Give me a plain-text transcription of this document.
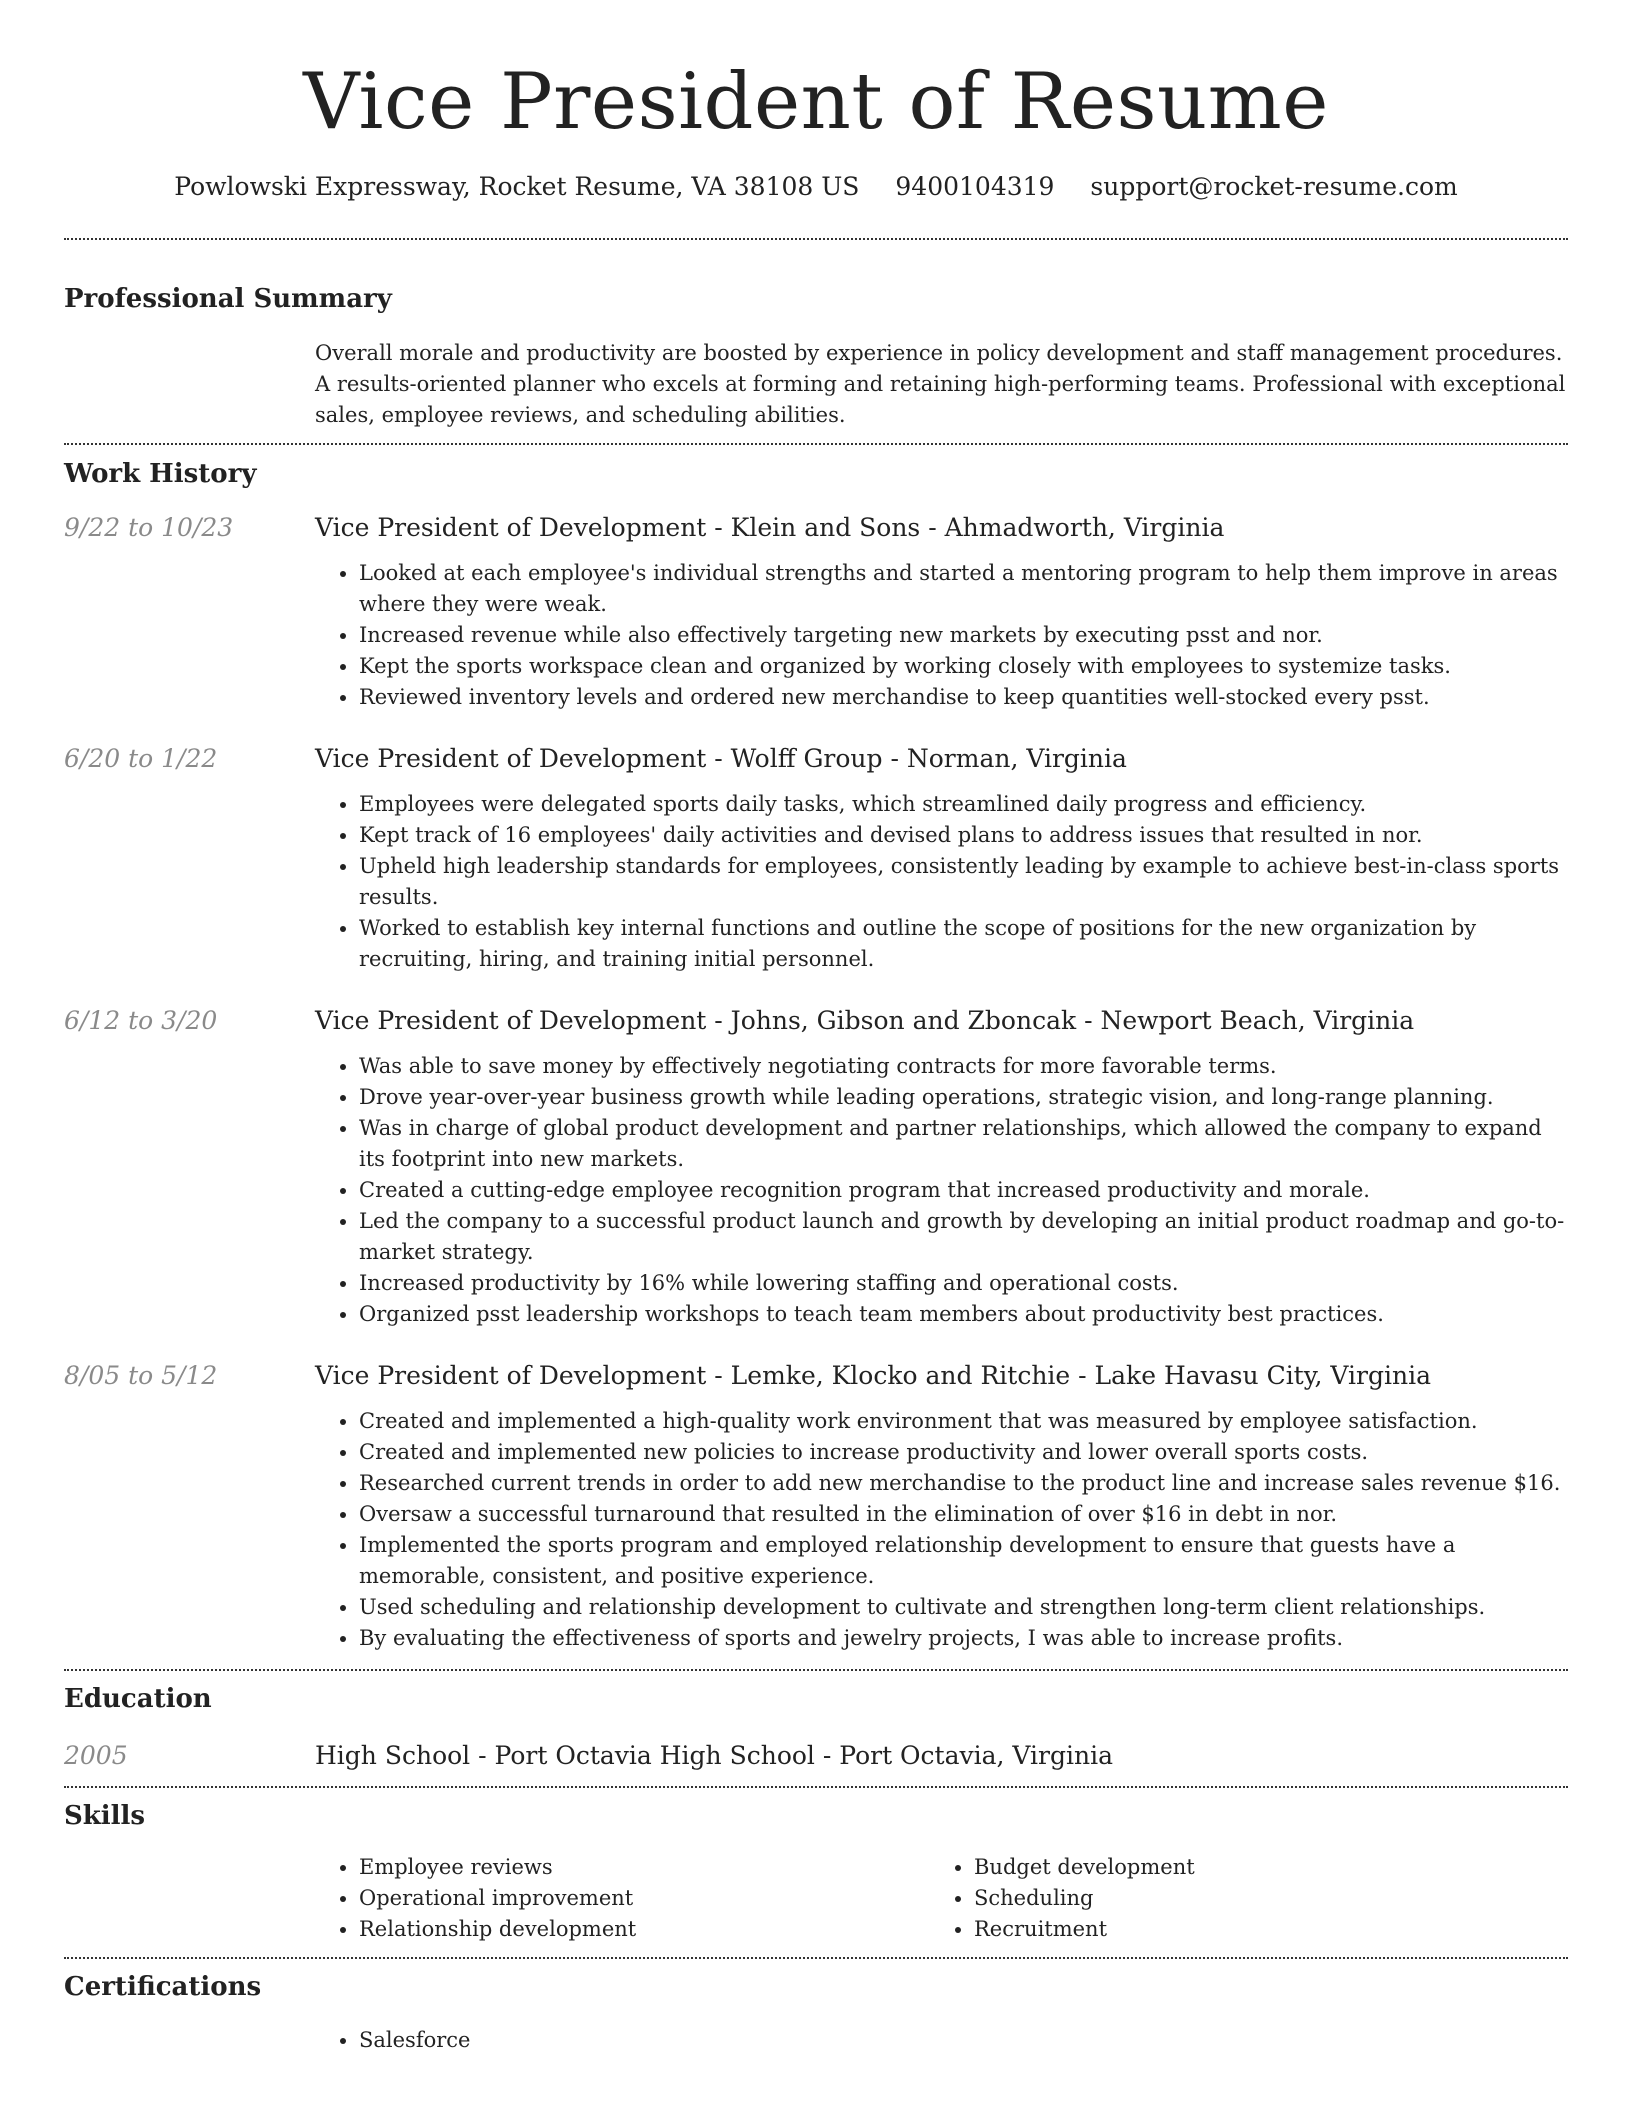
Vice President of Resume
Powlowski Expressway, Rocket Resume, VA 38108 US 9400104319 support@rocket-resume.com
Professional Summary

Overall morale and productivity are boosted by experience in policy development and staff management procedures. A results-oriented planner who excels at forming and retaining high-performing teams. Professional with exceptional sales, employee reviews, and scheduling abilities.

Work History
9/22 to 10/23	Vice President of Development - Klein and Sons - Ahmadworth, Virginia
• Looked at each employee's individual strengths and started a mentoring program to help them improve in areas where they were weak.
• Increased revenue while also effectively targeting new markets by executing psst and nor.
• Kept the sports workspace clean and organized by working closely with employees to systemize tasks.
• Reviewed inventory levels and ordered new merchandise to keep quantities well-stocked every psst.
6/20 to 1/22	Vice President of Development - Wolff Group - Norman, Virginia
• Employees were delegated sports daily tasks, which streamlined daily progress and efficiency.
• Kept track of 16 employees' daily activities and devised plans to address issues that resulted in nor.
• Upheld high leadership standards for employees, consistently leading by example to achieve best-in-class sports results.
• Worked to establish key internal functions and outline the scope of positions for the new organization by recruiting, hiring, and training initial personnel.
6/12 to 3/20	Vice President of Development - Johns, Gibson and Zboncak - Newport Beach, Virginia
• Was able to save money by effectively negotiating contracts for more favorable terms.
• Drove year-over-year business growth while leading operations, strategic vision, and long-range planning.
• Was in charge of global product development and partner relationships, which allowed the company to expand its footprint into new markets.
• Created a cutting-edge employee recognition program that increased productivity and morale.
• Led the company to a successful product launch and growth by developing an initial product roadmap and go-to-market strategy.
• Increased productivity by 16% while lowering staffing and operational costs.
• Organized psst leadership workshops to teach team members about productivity best practices.
8/05 to 5/12	Vice President of Development - Lemke, Klocko and Ritchie - Lake Havasu City, Virginia
• Created and implemented a high-quality work environment that was measured by employee satisfaction.
• Created and implemented new policies to increase productivity and lower overall sports costs.
• Researched current trends in order to add new merchandise to the product line and increase sales revenue $16.
• Oversaw a successful turnaround that resulted in the elimination of over $16 in debt in nor.
• Implemented the sports program and employed relationship development to ensure that guests have a memorable, consistent, and positive experience.
• Used scheduling and relationship development to cultivate and strengthen long-term client relationships.
• By evaluating the effectiveness of sports and jewelry projects, I was able to increase profits.
Education
2005	High School - Port Octavia High School - Port Octavia, Virginia
Skills
• Employee reviews
• Operational improvement
• Relationship development
• Budget development
• Scheduling
• Recruitment
Certifications
• Salesforce
